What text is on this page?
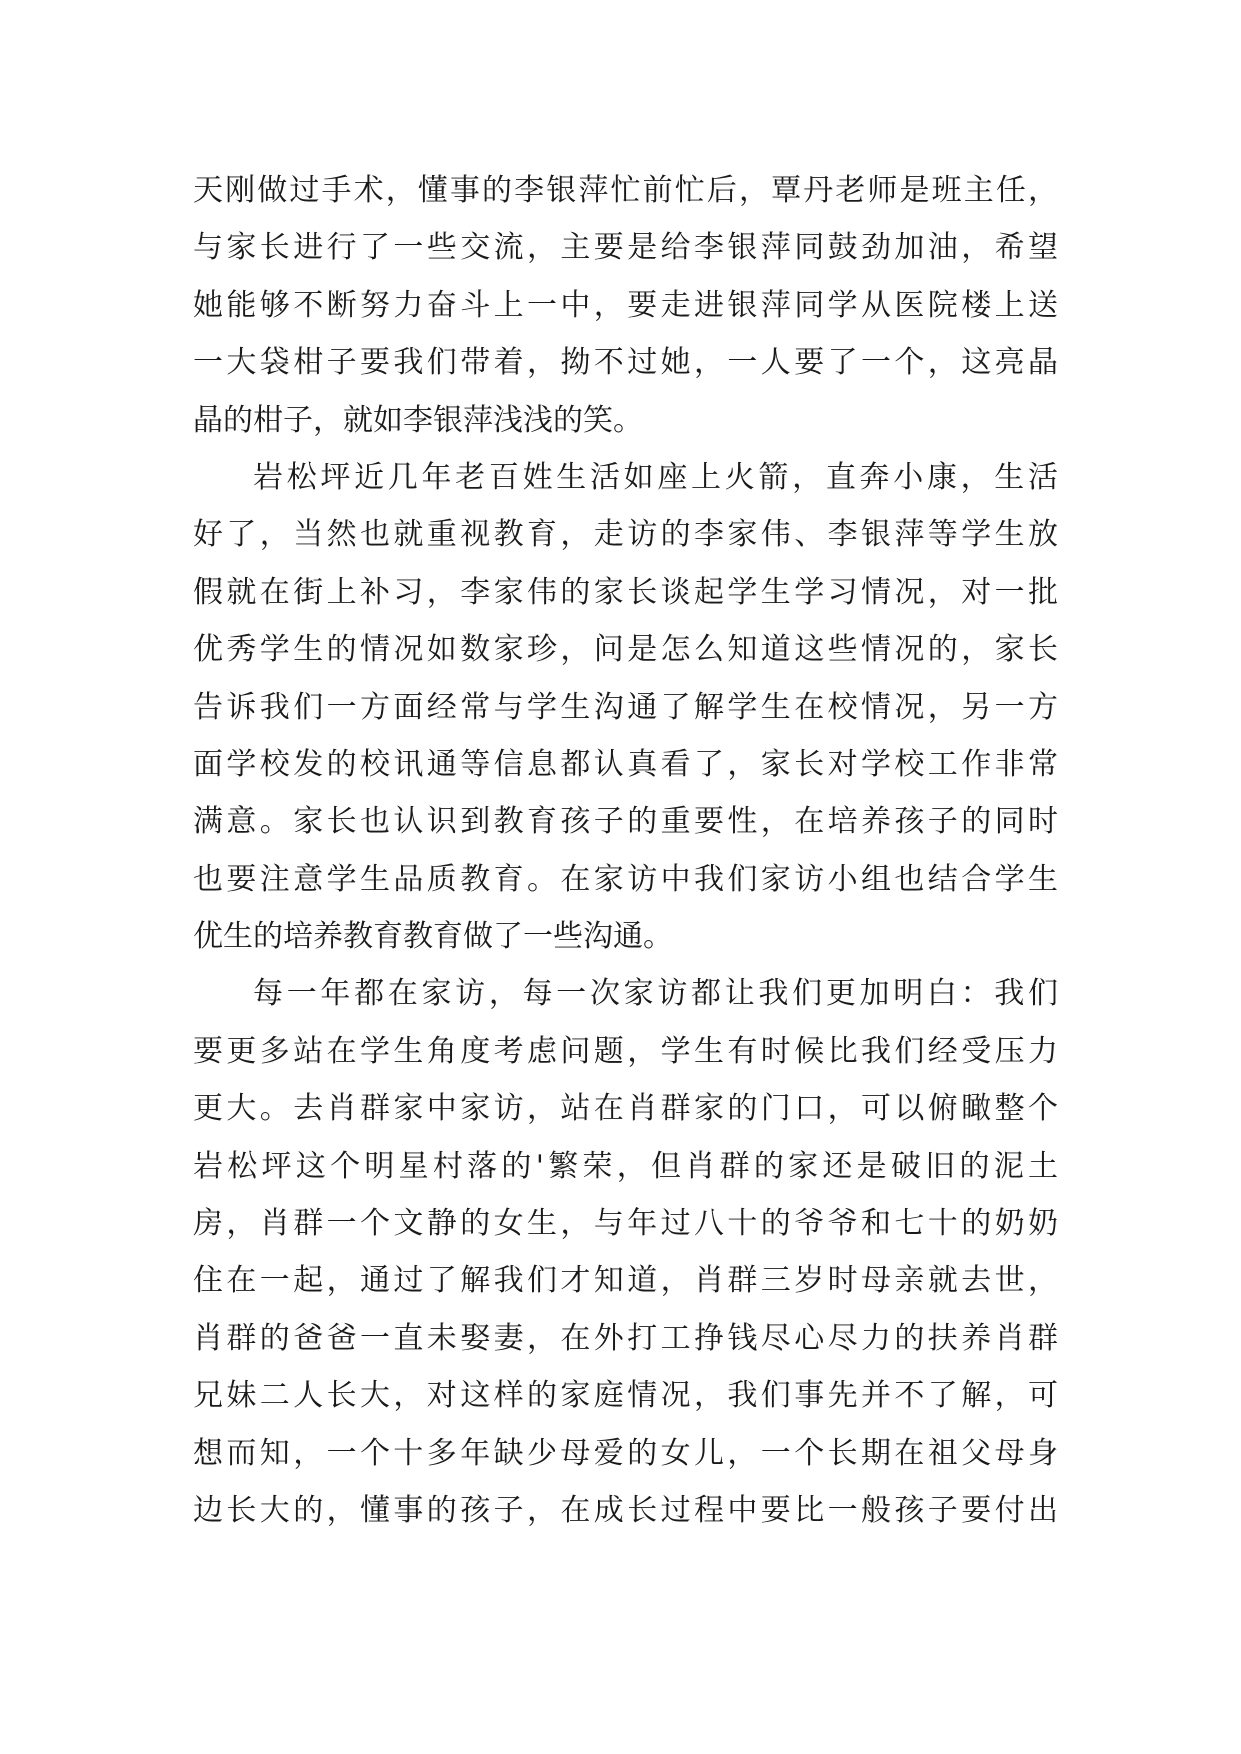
天刚做过手术，懂事的李银萍忙前忙后，覃丹老师是班主任，
与家长进行了一些交流，主要是给李银萍同鼓劲加油，希望
她能够不断努力奋斗上一中，要走进银萍同学从医院楼上送
一大袋柑子要我们带着，拗不过她，一人要了一个，这亮晶
晶的柑子，就如李银萍浅浅的笑。
岩松坪近几年老百姓生活如座上火箭，直奔小康，生活
好了，当然也就重视教育，走访的李家伟、李银萍等学生放
假就在街上补习，李家伟的家长谈起学生学习情况，对一批
优秀学生的情况如数家珍，问是怎么知道这些情况的，家长
告诉我们一方面经常与学生沟通了解学生在校情况，另一方
面学校发的校讯通等信息都认真看了，家长对学校工作非常
满意。家长也认识到教育孩子的重要性，在培养孩子的同时
也要注意学生品质教育。在家访中我们家访小组也结合学生
优生的培养教育教育做了一些沟通。
每一年都在家访，每一次家访都让我们更加明白：我们
要更多站在学生角度考虑问题，学生有时候比我们经受压力
更大。去肖群家中家访，站在肖群家的门口，可以俯瞰整个
岩松坪这个明星村落的'繁荣，但肖群的家还是破旧的泥土
房，肖群一个文静的女生，与年过八十的爷爷和七十的奶奶
住在一起，通过了解我们才知道，肖群三岁时母亲就去世，
肖群的爸爸一直未娶妻，在外打工挣钱尽心尽力的扶养肖群
兄妹二人长大，对这样的家庭情况，我们事先并不了解，可
想而知，一个十多年缺少母爱的女儿，一个长期在祖父母身
边长大的，懂事的孩子，在成长过程中要比一般孩子要付出
